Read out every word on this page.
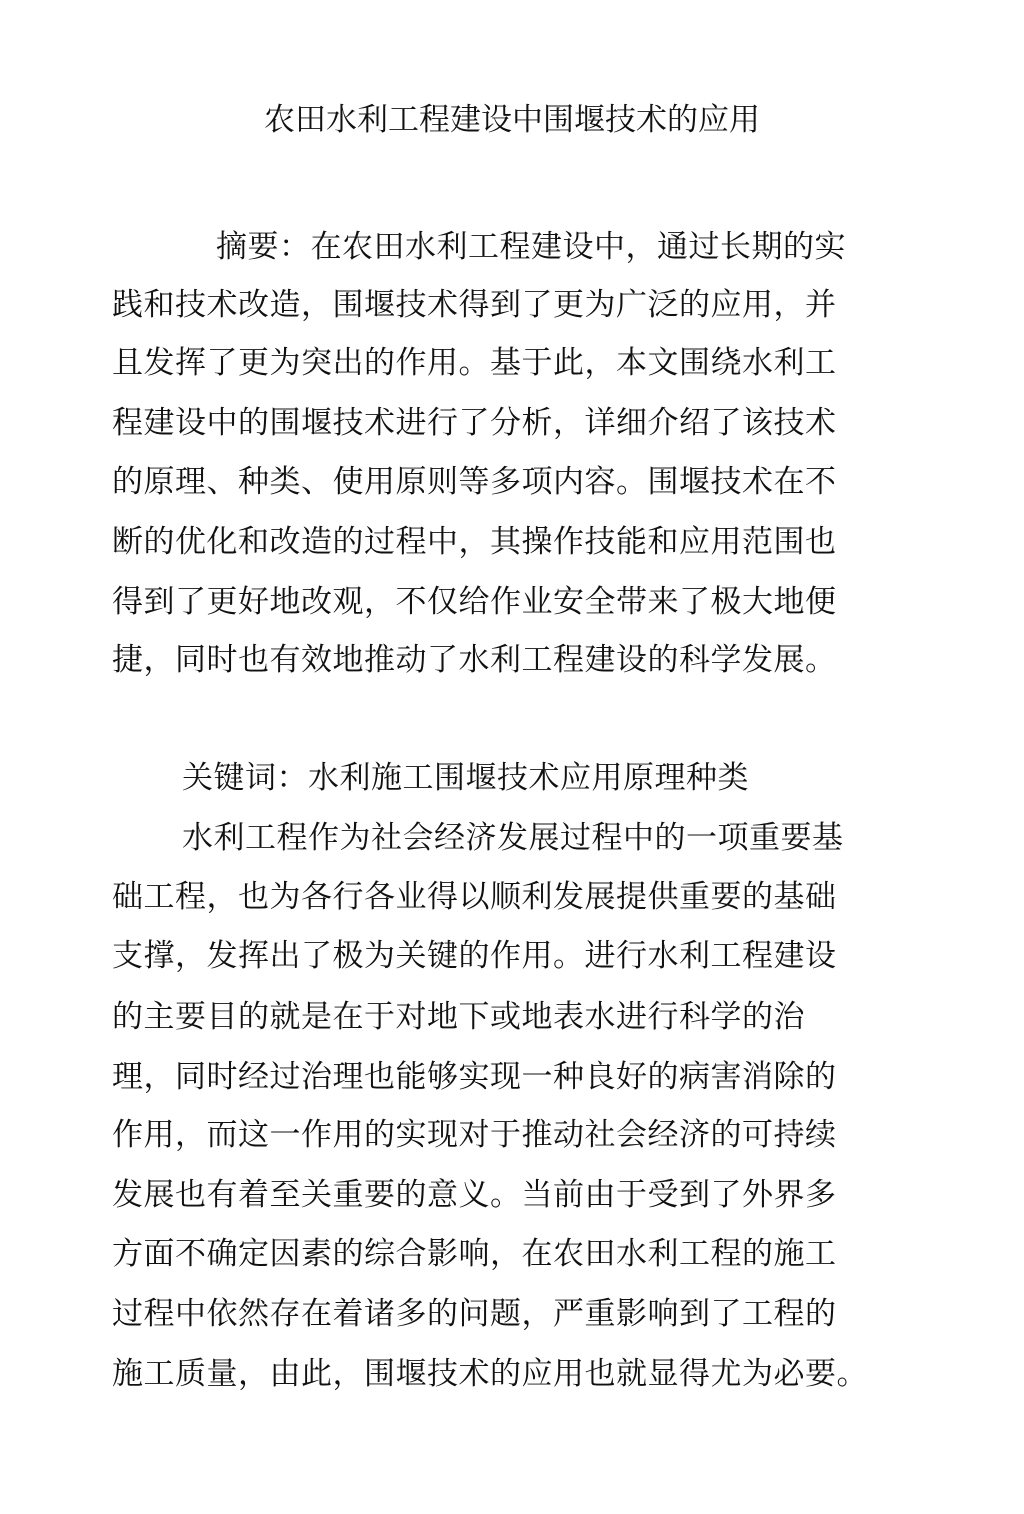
农田水利工程建设中围堰技术的应用
摘要：在农田水利工程建设中，通过长期的实
践和技术改造，围堰技术得到了更为广泛的应用，并
且发挥了更为突出的作用。基于此，本文围绕水利工
程建设中的围堰技术进行了分析，详细介绍了该技术
的原理、种类、使用原则等多项内容。围堰技术在不
断的优化和改造的过程中，其操作技能和应用范围也
得到了更好地改观，不仅给作业安全带来了极大地便
捷，同时也有效地推动了水利工程建设的科学发展。
关键词：水利施工围堰技术应用原理种类
水利工程作为社会经济发展过程中的一项重要基
础工程，也为各行各业得以顺利发展提供重要的基础
支撑，发挥出了极为关键的作用。进行水利工程建设
的主要目的就是在于对地下或地表水进行科学的治
理，同时经过治理也能够实现一种良好的病害消除的
作用，而这一作用的实现对于推动社会经济的可持续
发展也有着至关重要的意义。当前由于受到了外界多
方面不确定因素的综合影响，在农田水利工程的施工
过程中依然存在着诸多的问题，严重影响到了工程的
施工质量，由此，围堰技术的应用也就显得尤为必要。
